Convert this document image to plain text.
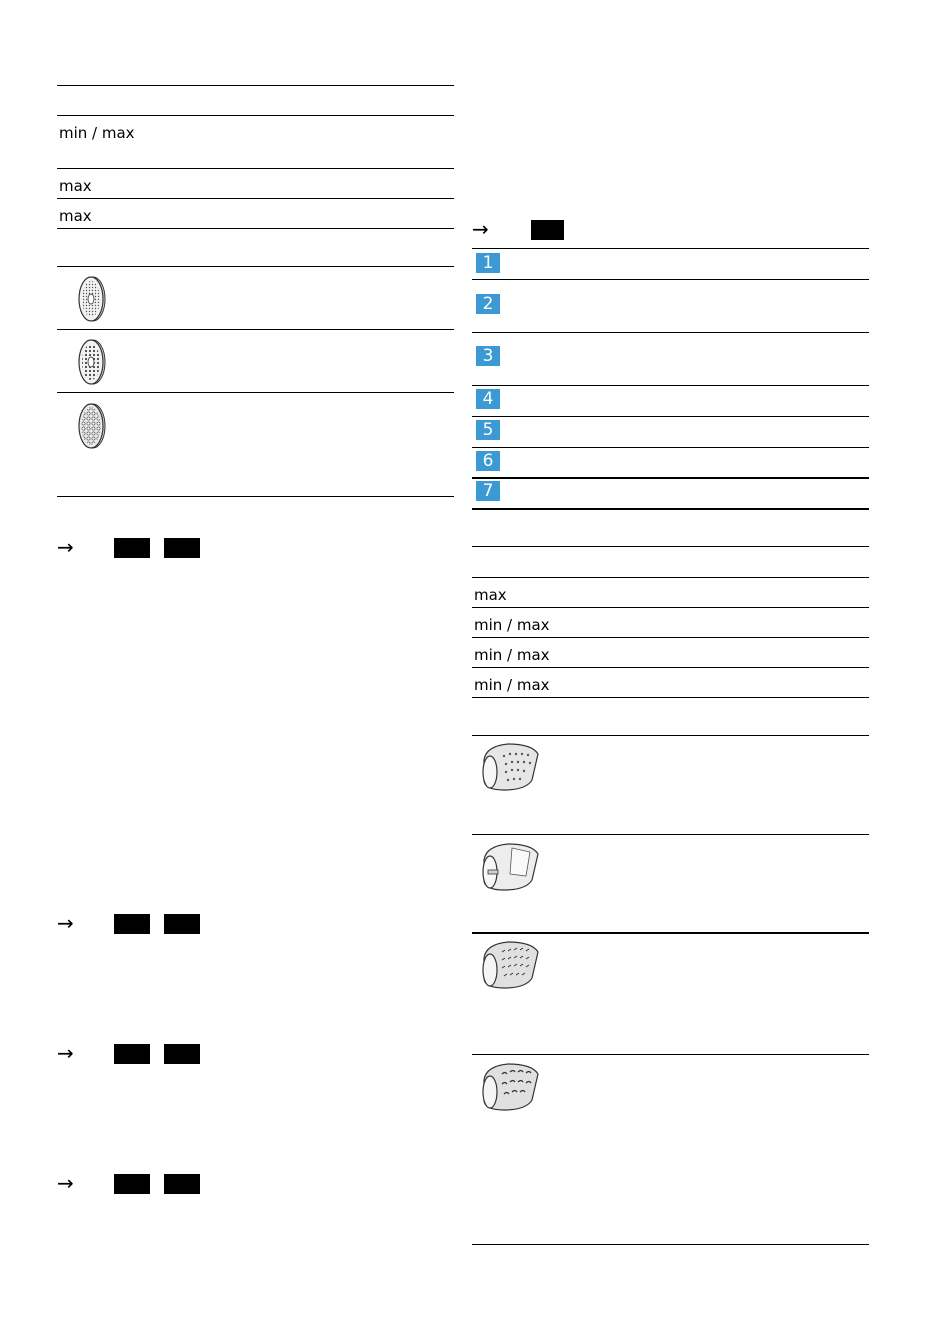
min / max
max
max
→
→
→
→
→
1
2
3
4
5
6
7
max
min / max
min / max
min / max
